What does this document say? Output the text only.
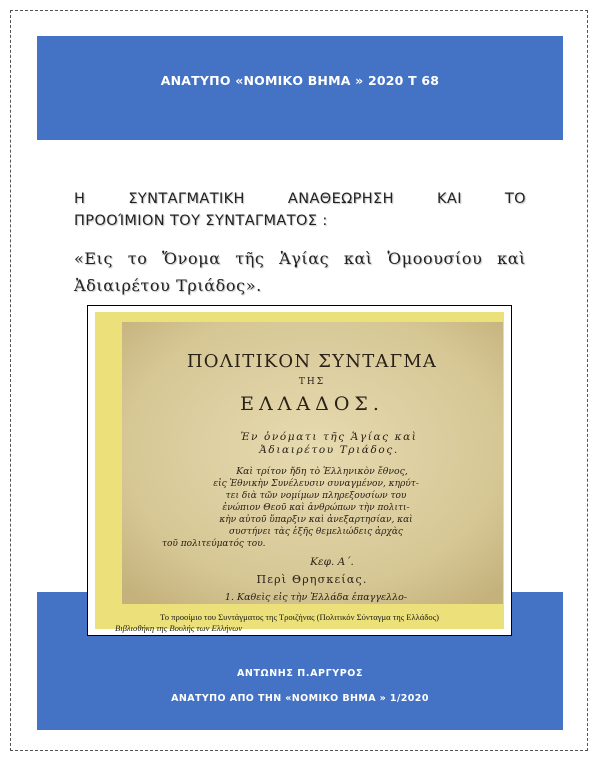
ΑΝΑΤΥΠΟ «ΝΟΜΙΚΟ ΒΗΜΑ » 2020 Τ 68
Η	ΣΥΝΤΑΓΜΑΤΙΚΗ	ΑΝΑΘΕΩΡΗΣΗ	ΚΑΙ	ΤΟ
ΠΡΟΟΊΜΙΟΝ ΤΟΥ ΣΥΝΤΑΓΜΑΤΟΣ :
«Εις το Ὄνομα τῆς Ἁγίας καὶ Ὁμοουσίου καὶ Ἀδιαιρέτου Τριάδος».
ΠΟΛΙΤΙΚΟΝ ΣΥΝΤΑΓΜΑ
ΤΗΣ
ΕΛΛΑΔΟΣ.
Ἐν ὀνόματι τῆς Ἁγίας καὶ
Ἀδιαιρέτου Τριάδος.
Καὶ τρίτον ἤδη τὸ Ἑλληνικὸν ἔθνος,
εἰς Ἐθνικὴν Συνέλευσιν συναγμένον, κηρύτ-
τει διὰ τῶν νομίμων πληρεξουσίων του
ἐνώπιον Θεοῦ καὶ ἀνθρώπων τὴν πολιτι-
κὴν αὐτοῦ ὕπαρξιν καὶ ἀνεξαρτησίαν, καὶ
συστήνει τὰς ἑξῆς θεμελιώδεις ἀρχὰς
τοῦ πολιτεύματός του.
Κεφ. Α΄.
Περὶ Θρησκείας.
1. Καθεὶς εἰς τὴν Ἑλλάδα ἐπαγγελλο-
Το προοίμιο του Συντάγματος της Τροιζήνας (Πολιτικόν Σύνταγμα της Ελλάδος)
Βιβλιοθήκη της Βουλής των Ελλήνων
ΑΝΤΩΝΗΣ Π.ΑΡΓΥΡΟΣ
ΑΝΑΤΥΠΟ ΑΠΟ ΤΗΝ «ΝΟΜΙΚΟ ΒΗΜΑ » 1/2020
